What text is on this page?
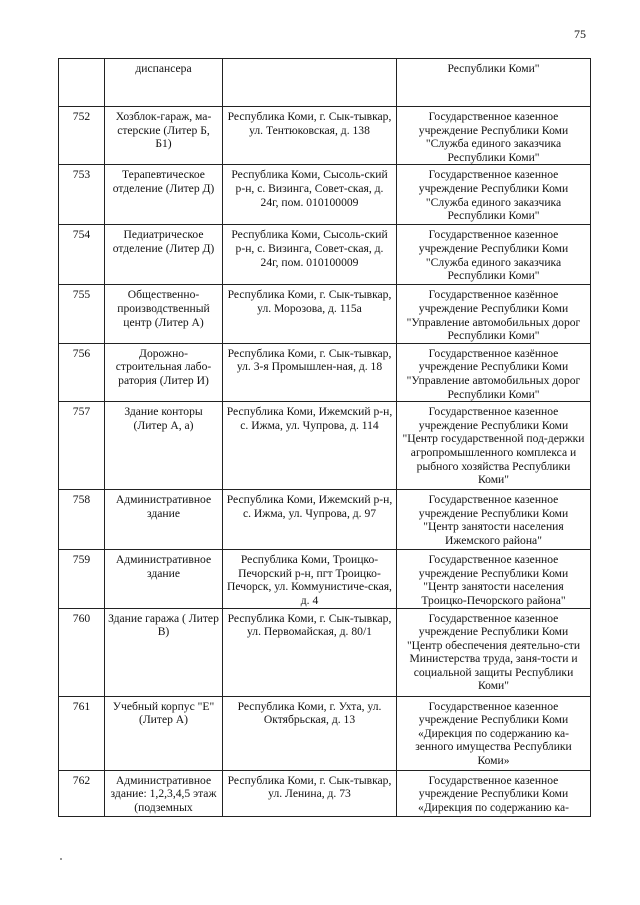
75
	диспансера		Республики Коми"
752	Хозблок-гараж, ма-стерские (Литер Б, Б1)	Республика Коми, г. Сык-тывкар, ул. Тентюковская, д. 138	Государственное казенное учреждение Республики Коми "Служба единого заказчика Республики Коми"
753	Терапевтическое отделение (Литер Д)	Республика Коми, Сысоль-ский р-н, с. Визинга, Совет-ская, д. 24г, пом. 010100009	Государственное казенное учреждение Республики Коми "Служба единого заказчика Республики Коми"
754	Педиатрическое отделение (Литер Д)	Республика Коми, Сысоль-ский р-н, с. Визинга, Совет-ская, д. 24г, пом. 010100009	Государственное казенное учреждение Республики Коми "Служба единого заказчика Республики Коми"
755	Общественно-производственный центр (Литер А)	Республика Коми, г. Сык-тывкар, ул. Морозова, д. 115а	Государственное казённое учреждение Республики Коми "Управление автомобильных дорог Республики Коми"
756	Дорожно-строительная лабо-ратория (Литер И)	Республика Коми, г. Сык-тывкар, ул. 3-я Промышлен-ная, д. 18	Государственное казённое учреждение Республики Коми "Управление автомобильных дорог Республики Коми"
757	Здание конторы (Литер А, а)	Республика Коми, Ижемский р-н, с. Ижма, ул. Чупрова, д. 114	Государственное казенное учреждение Республики Коми "Центр государственной под-держки агропромышленного комплекса и рыбного хозяйства Республики Коми"
758	Административное здание	Республика Коми, Ижемский р-н, с. Ижма, ул. Чупрова, д. 97	Государственное казенное учреждение Республики Коми "Центр занятости населения Ижемского района"
759	Административное здание	Республика Коми, Троицко-Печорский р-н, пгт Троицко-Печорск, ул. Коммунистиче-ская, д. 4	Государственное казенное учреждение Республики Коми "Центр занятости населения Троицко-Печорского района"
760	Здание гаража ( Литер В)	Республика Коми, г. Сык-тывкар, ул. Первомайская, д. 80/1	Государственное казенное учреждение Республики Коми "Центр обеспечения деятельно-сти Министерства труда, заня-тости и социальной защиты Республики Коми"
761	Учебный корпус "Е" (Литер А)	Республика Коми, г. Ухта, ул. Октябрьская, д. 13	Государственное казенное учреждение Республики Коми «Дирекция по содержанию ка-зенного имущества Республики Коми»
762	Административное здание: 1,2,3,4,5 этаж (подземных	Республика Коми, г. Сык-тывкар, ул. Ленина, д. 73	Государственное казенное учреждение Республики Коми «Дирекция по содержанию ка-
